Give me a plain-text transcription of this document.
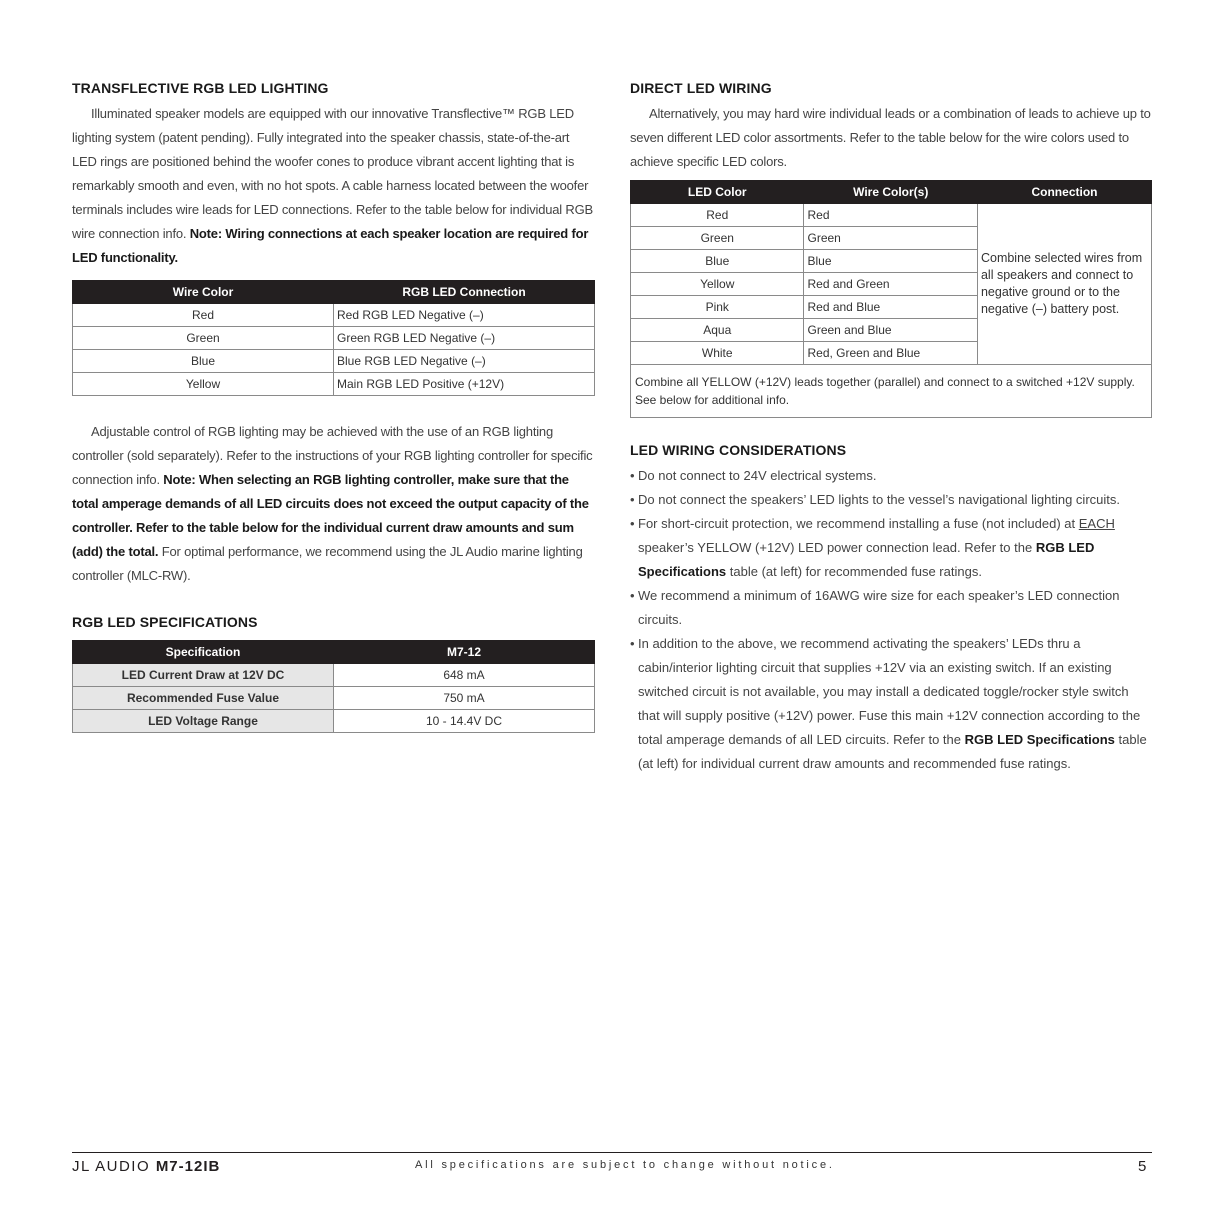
TRANSFLECTIVE RGB LED LIGHTING

Illuminated speaker models are equipped with our innovative Transflective™ RGB LED lighting system (patent pending). Fully integrated into the speaker chassis, state-of-the-art LED rings are positioned behind the woofer cones to produce vibrant accent lighting that is remarkably smooth and even, with no hot spots. A cable harness located between the woofer terminals includes wire leads for LED connections. Refer to the table below for individual RGB wire connection info. Note: Wiring connections at each speaker location are required for LED functionality.

Wire Color	RGB LED Connection
Red	Red RGB LED Negative (–)
Green	Green RGB LED Negative (–)
Blue	Blue RGB LED Negative (–)
Yellow	Main RGB LED Positive (+12V)

Adjustable control of RGB lighting may be achieved with the use of an RGB lighting controller (sold separately). Refer to the instructions of your RGB lighting controller for specific connection info. Note: When selecting an RGB lighting controller, make sure that the total amperage demands of all LED circuits does not exceed the output capacity of the controller. Refer to the table below for the individual current draw amounts and sum (add) the total. For optimal performance, we recommend using the JL Audio marine lighting controller (MLC-RW).

RGB LED SPECIFICATIONS
Specification	M7-12
LED Current Draw at 12V DC	648 mA
Recommended Fuse Value	750 mA
LED Voltage Range	10 - 14.4V DC
DIRECT LED WIRING

Alternatively, you may hard wire individual leads or a combination of leads to achieve up to seven different LED color assortments. Refer to the table below for the wire colors used to achieve specific LED colors.

LED Color	Wire Color(s)	Connection
Red	Red	Combine selected wires from all speakers and connect to negative ground or to the negative (–) battery post.
Green	Green	
Blue	Blue	
Yellow	Red and Green	
Pink	Red and Blue	
Aqua	Green and Blue	
White	Red, Green and Blue	
Combine all YELLOW (+12V) leads together (parallel) and connect to a switched +12V supply. See below for additional info.		
LED WIRING CONSIDERATIONS
• Do not connect to 24V electrical systems.
• Do not connect the speakers’ LED lights to the vessel’s navigational lighting circuits.
• For short-circuit protection, we recommend installing a fuse (not included) at EACH speaker’s YELLOW (+12V) LED power connection lead. Refer to the RGB LED Specifications table (at left) for recommended fuse ratings.
• We recommend a minimum of 16AWG wire size for each speaker’s LED connection circuits.
• In addition to the above, we recommend activating the speakers’ LEDs thru a cabin/interior lighting circuit that supplies +12V via an existing switch. If an existing switched circuit is not available, you may install a dedicated toggle/rocker style switch that will supply positive (+12V) power. Fuse this main +12V connection according to the total amperage demands of all LED circuits. Refer to the RGB LED Specifications table (at left) for individual current draw amounts and recommended fuse ratings.
JL AUDIO M7-12IB	All specifications are subject to change without notice.	5
